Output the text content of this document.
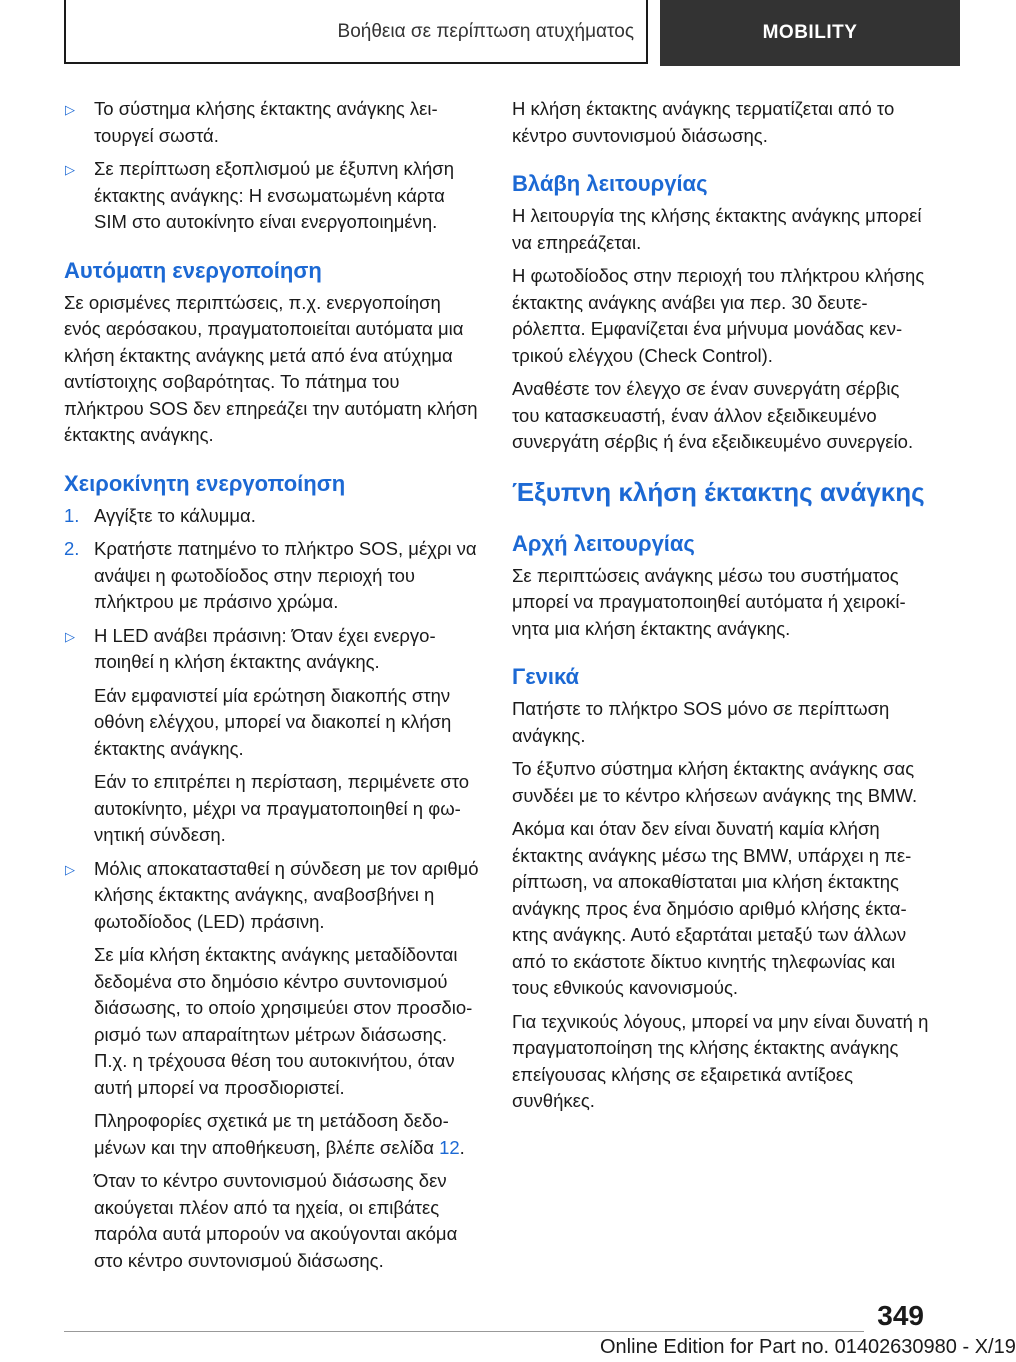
Βοήθεια σε περίπτωση ατυχήματος	MOBILITY
▷ Το σύστημα κλήσης έκτακτης ανάγκης λειτουργεί σωστά.
▷ Σε περίπτωση εξοπλισμού με έξυπνη κλήση έκτακτης ανάγκης: Η ενσωματωμένη κάρτα SIM στο αυτοκίνητο είναι ενεργοποιημένη.
Αυτόματη ενεργοποίηση

Σε ορισμένες περιπτώσεις, π.χ. ενεργοποίηση ενός αερόσακου, πραγματοποιείται αυτόματα μια κλήση έκτακτης ανάγκης μετά από ένα ατύχημα αντίστοιχης σοβαρότητας. Το πάτημα του πλήκτρου SOS δεν επηρεάζει την αυτόματη κλήση έκτακτης ανάγκης.

Χειροκίνητη ενεργοποίηση
1. Αγγίξτε το κάλυμμα.
2. Κρατήστε πατημένο το πλήκτρο SOS, μέχρι να ανάψει η φωτοδίοδος στην περιοχή του πλήκτρου με πράσινο χρώμα.
▷ Η LED ανάβει πράσινη: Όταν έχει ενεργοποιηθεί η κλήση έκτακτης ανάγκης.

Εάν εμφανιστεί μία ερώτηση διακοπής στην οθόνη ελέγχου, μπορεί να διακοπεί η κλήση έκτακτης ανάγκης.

Εάν το επιτρέπει η περίσταση, περιμένετε στο αυτοκίνητο, μέχρι να πραγματοποιηθεί η φωνητική σύνδεση.

▷ Μόλις αποκατασταθεί η σύνδεση με τον αριθμό κλήσης έκτακτης ανάγκης, αναβοσβήνει η φωτοδίοδος (LED) πράσινη.

Σε μία κλήση έκτακτης ανάγκης μεταδίδονται δεδομένα στο δημόσιο κέντρο συντονισμού διάσωσης, το οποίο χρησιμεύει στον προσδιορισμό των απαραίτητων μέτρων διάσωσης. Π.χ. η τρέχουσα θέση του αυτοκινήτου, όταν αυτή μπορεί να προσδιοριστεί.

Πληροφορίες σχετικά με τη μετάδοση δεδομένων και την αποθήκευση, βλέπε σελίδα 12.

Όταν το κέντρο συντονισμού διάσωσης δεν ακούγεται πλέον από τα ηχεία, οι επιβάτες παρόλα αυτά μπορούν να ακούγονται ακόμα στο κέντρο συντονισμού διάσωσης.

Η κλήση έκτακτης ανάγκης τερματίζεται από το κέντρο συντονισμού διάσωσης.

Βλάβη λειτουργίας

Η λειτουργία της κλήσης έκτακτης ανάγκης μπορεί να επηρεάζεται.

Η φωτοδίοδος στην περιοχή του πλήκτρου κλήσης έκτακτης ανάγκης ανάβει για περ. 30 δευτερόλεπτα. Εμφανίζεται ένα μήνυμα μονάδας κεντρικού ελέγχου (Check Control).

Αναθέστε τον έλεγχο σε έναν συνεργάτη σέρβις του κατασκευαστή, έναν άλλον εξειδικευμένο συνεργάτη σέρβις ή ένα εξειδικευμένο συνεργείο.

Έξυπνη κλήση έκτακτης ανάγκης
Αρχή λειτουργίας

Σε περιπτώσεις ανάγκης μέσω του συστήματος μπορεί να πραγματοποιηθεί αυτόματα ή χειροκίνητα μια κλήση έκτακτης ανάγκης.

Γενικά

Πατήστε το πλήκτρο SOS μόνο σε περίπτωση ανάγκης.

Το έξυπνο σύστημα κλήση έκτακτης ανάγκης σας συνδέει με το κέντρο κλήσεων ανάγκης της BMW.

Ακόμα και όταν δεν είναι δυνατή καμία κλήση έκτακτης ανάγκης μέσω της BMW, υπάρχει η περίπτωση, να αποκαθίσταται μια κλήση έκτακτης ανάγκης προς ένα δημόσιο αριθμό κλήσης έκτακτης ανάγκης. Αυτό εξαρτάται μεταξύ των άλλων από το εκάστοτε δίκτυο κινητής τηλεφωνίας και τους εθνικούς κανονισμούς.

Για τεχνικούς λόγους, μπορεί να μην είναι δυνατή η πραγματοποίηση της κλήσης έκτακτης ανάγκης επείγουσας κλήσης σε εξαιρετικά αντίξοες συνθήκες.

349
Online Edition for Part no. 01402630980 - X/19
